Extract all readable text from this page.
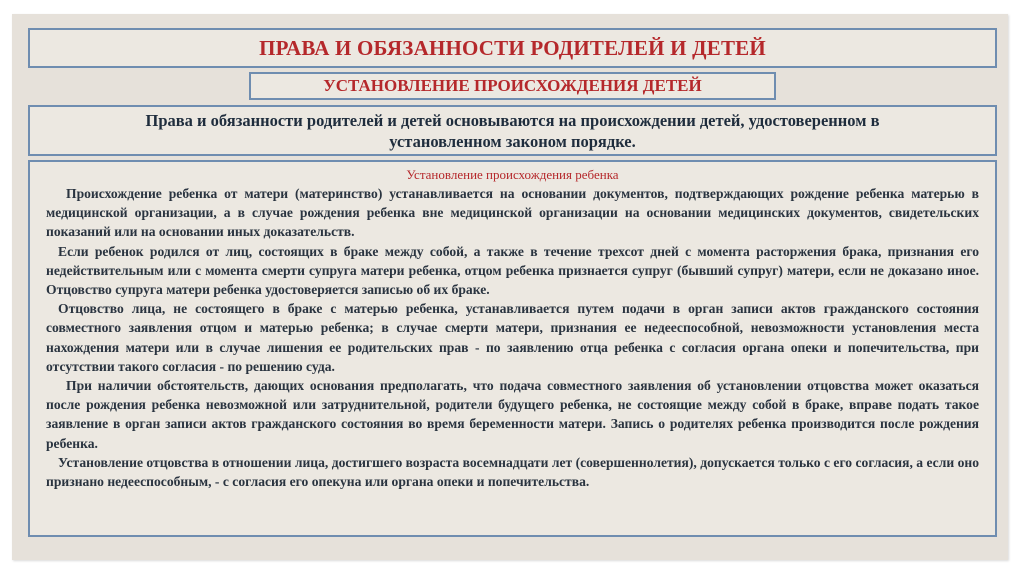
ПРАВА И ОБЯЗАННОСТИ РОДИТЕЛЕЙ И ДЕТЕЙ
УСТАНОВЛЕНИЕ ПРОИСХОЖДЕНИЯ ДЕТЕЙ
Права и обязанности родителей и детей основываются на происхождении детей, удостоверенном в установленном законом порядке.
Установление происхождения ребенка

Происхождение ребенка от матери (материнство) устанавливается на основании документов, подтверждающих рождение ребенка матерью в медицинской организации, а в случае рождения ребенка вне медицинской организации на основании медицинских документов, свидетельских показаний или на основании иных доказательств.

Если ребенок родился от лиц, состоящих в браке между собой, а также в течение трехсот дней с момента расторжения брака, признания его недействительным или с момента смерти супруга матери ребенка, отцом ребенка признается супруг (бывший супруг) матери, если не доказано иное. Отцовство супруга матери ребенка удостоверяется записью об их браке.

Отцовство лица, не состоящего в браке с матерью ребенка, устанавливается путем подачи в орган записи актов гражданского состояния совместного заявления отцом и матерью ребенка; в случае смерти матери, признания ее недееспособной, невозможности установления места нахождения матери или в случае лишения ее родительских прав - по заявлению отца ребенка с согласия органа опеки и попечительства, при отсутствии такого согласия - по решению суда.

При наличии обстоятельств, дающих основания предполагать, что подача совместного заявления об установлении отцовства может оказаться после рождения ребенка невозможной или затруднительной, родители будущего ребенка, не состоящие между собой в браке, вправе подать такое заявление в орган записи актов гражданского состояния во время беременности матери. Запись о родителях ребенка производится после рождения ребенка.

Установление отцовства в отношении лица, достигшего возраста восемнадцати лет (совершеннолетия), допускается только с его согласия, а если оно признано недееспособным, - с согласия его опекуна или органа опеки и попечительства.
